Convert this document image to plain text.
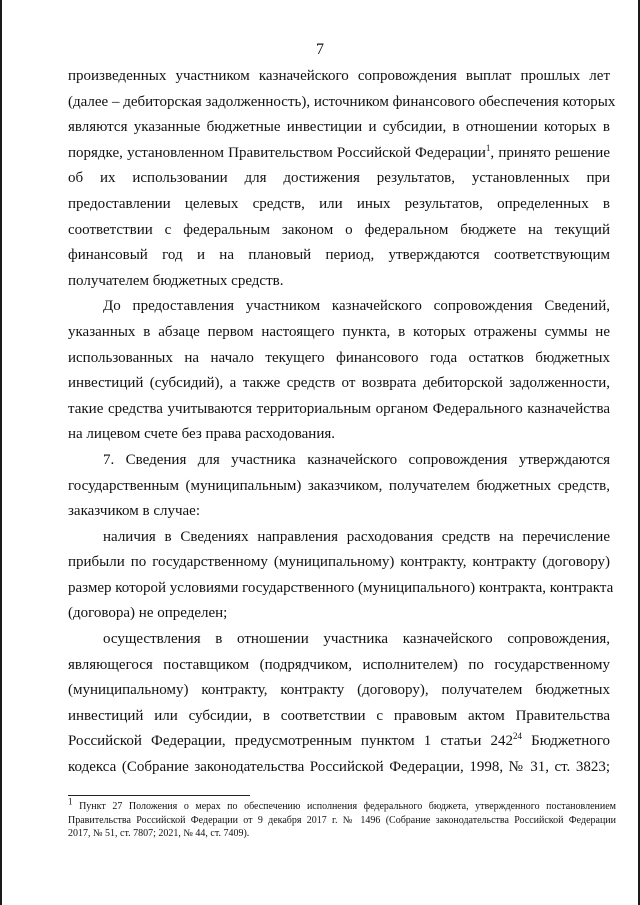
7
произведенных участником казначейского сопровождения выплат прошлых лет
(далее – дебиторская задолженность), источником финансового обеспечения которых
являются указанные бюджетные инвестиции и субсидии, в отношении которых в
порядке, установленном Правительством Российской Федерации$^1$, принято решение
об их использовании для достижения результатов, установленных при
предоставлении целевых средств, или иных результатов, определенных в
соответствии с федеральным законом о федеральном бюджете на текущий
финансовый год и на плановый период, утверждаются соответствующим
получателем бюджетных средств.
До предоставления участником казначейского сопровождения Сведений,
указанных в абзаце первом настоящего пункта, в которых отражены суммы не
использованных на начало текущего финансового года остатков бюджетных
инвестиций (субсидий), а также средств от возврата дебиторской задолженности,
такие средства учитываются территориальным органом Федерального казначейства
на лицевом счете без права расходования.
7. Сведения для участника казначейского сопровождения утверждаются
государственным (муниципальным) заказчиком, получателем бюджетных средств,
заказчиком в случае:
наличия в Сведениях направления расходования средств на перечисление
прибыли по государственному (муниципальному) контракту, контракту (договору)
размер которой условиями государственного (муниципального) контракта, контракта
(договора) не определен;
осуществления в отношении участника казначейского сопровождения,
являющегося поставщиком (подрядчиком, исполнителем) по государственному
(муниципальному) контракту, контракту (договору), получателем бюджетных
инвестиций или субсидии, в соответствии с правовым актом Правительства
Российской Федерации, предусмотренным пунктом 1 статьи $242^{24}$ Бюджетного
кодекса (Собрание законодательства Российской Федерации, 1998, № 31, ст. 3823;
$^1$ Пункт 27 Положения о мерах по обеспечению исполнения федерального бюджета, утвержденного постановлением
Правительства Российской Федерации от 9 декабря 2017 г. № 1496 (Собрание законодательства Российской Федерации
2017, № 51, ст. 7807; 2021, № 44, ст. 7409).
